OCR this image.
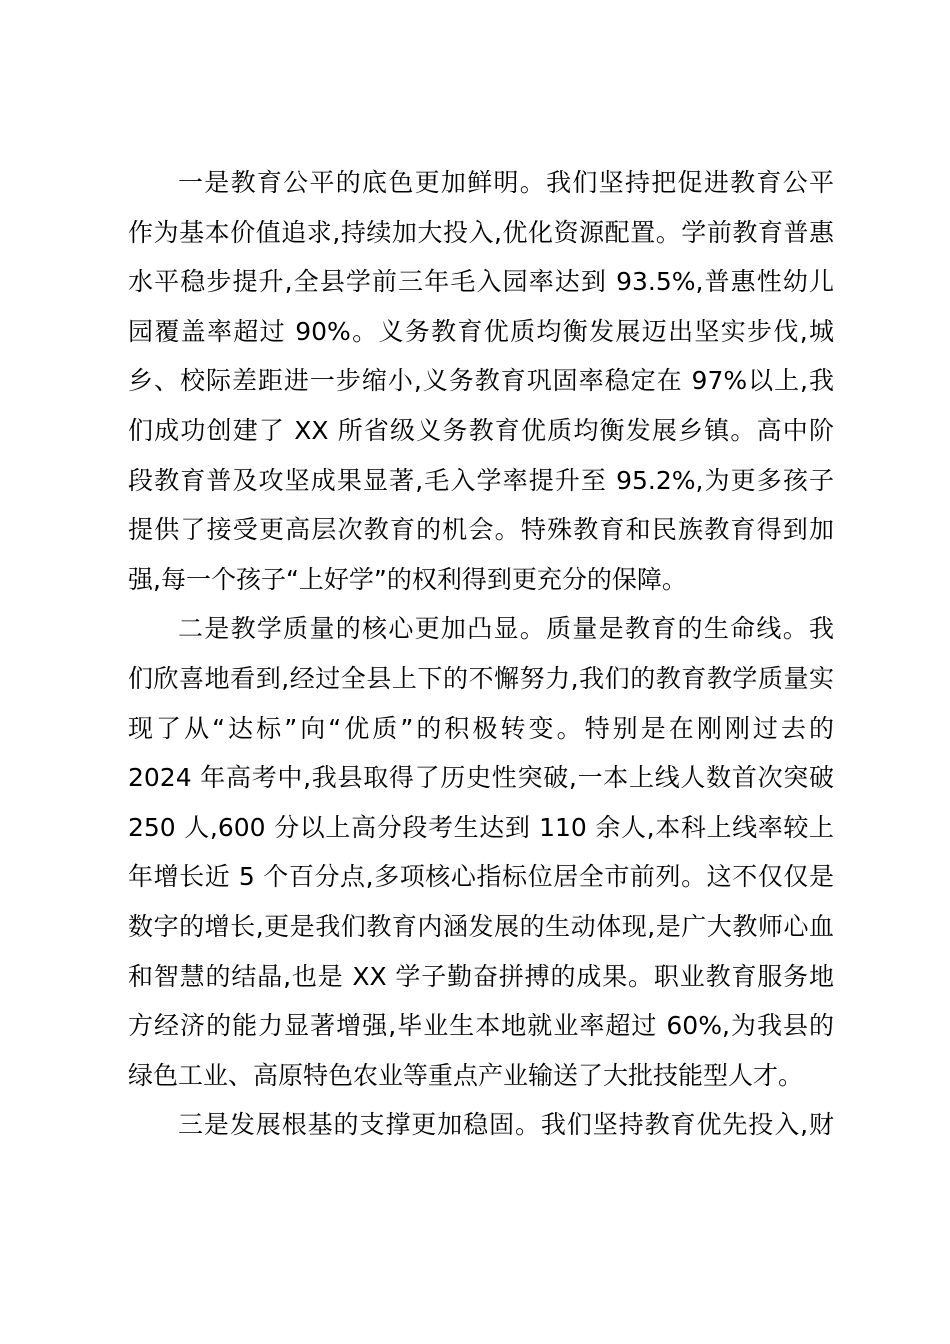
一是教育公平的底色更加鲜明。我们坚持把促进教育公平
作为基本价值追求,持续加大投入,优化资源配置。学前教育普惠
水平稳步提升,全县学前三年毛入园率达到 93.5%,普惠性幼儿
园覆盖率超过 90%。义务教育优质均衡发展迈出坚实步伐,城
乡、校际差距进一步缩小,义务教育巩固率稳定在 97%以上,我
们成功创建了 XX 所省级义务教育优质均衡发展乡镇。高中阶
段教育普及攻坚成果显著,毛入学率提升至 95.2%,为更多孩子
提供了接受更高层次教育的机会。特殊教育和民族教育得到加
强,每一个孩子“上好学”的权利得到更充分的保障。
二是教学质量的核心更加凸显。质量是教育的生命线。我
们欣喜地看到,经过全县上下的不懈努力,我们的教育教学质量实
现了从“达标”向“优质”的积极转变。特别是在刚刚过去的
2024 年高考中,我县取得了历史性突破,一本上线人数首次突破
250 人,600 分以上高分段考生达到 110 余人,本科上线率较上
年增长近 5 个百分点,多项核心指标位居全市前列。这不仅仅是
数字的增长,更是我们教育内涵发展的生动体现,是广大教师心血
和智慧的结晶,也是 XX 学子勤奋拼搏的成果。职业教育服务地
方经济的能力显著增强,毕业生本地就业率超过 60%,为我县的
绿色工业、高原特色农业等重点产业输送了大批技能型人才。
三是发展根基的支撑更加稳固。我们坚持教育优先投入,财
